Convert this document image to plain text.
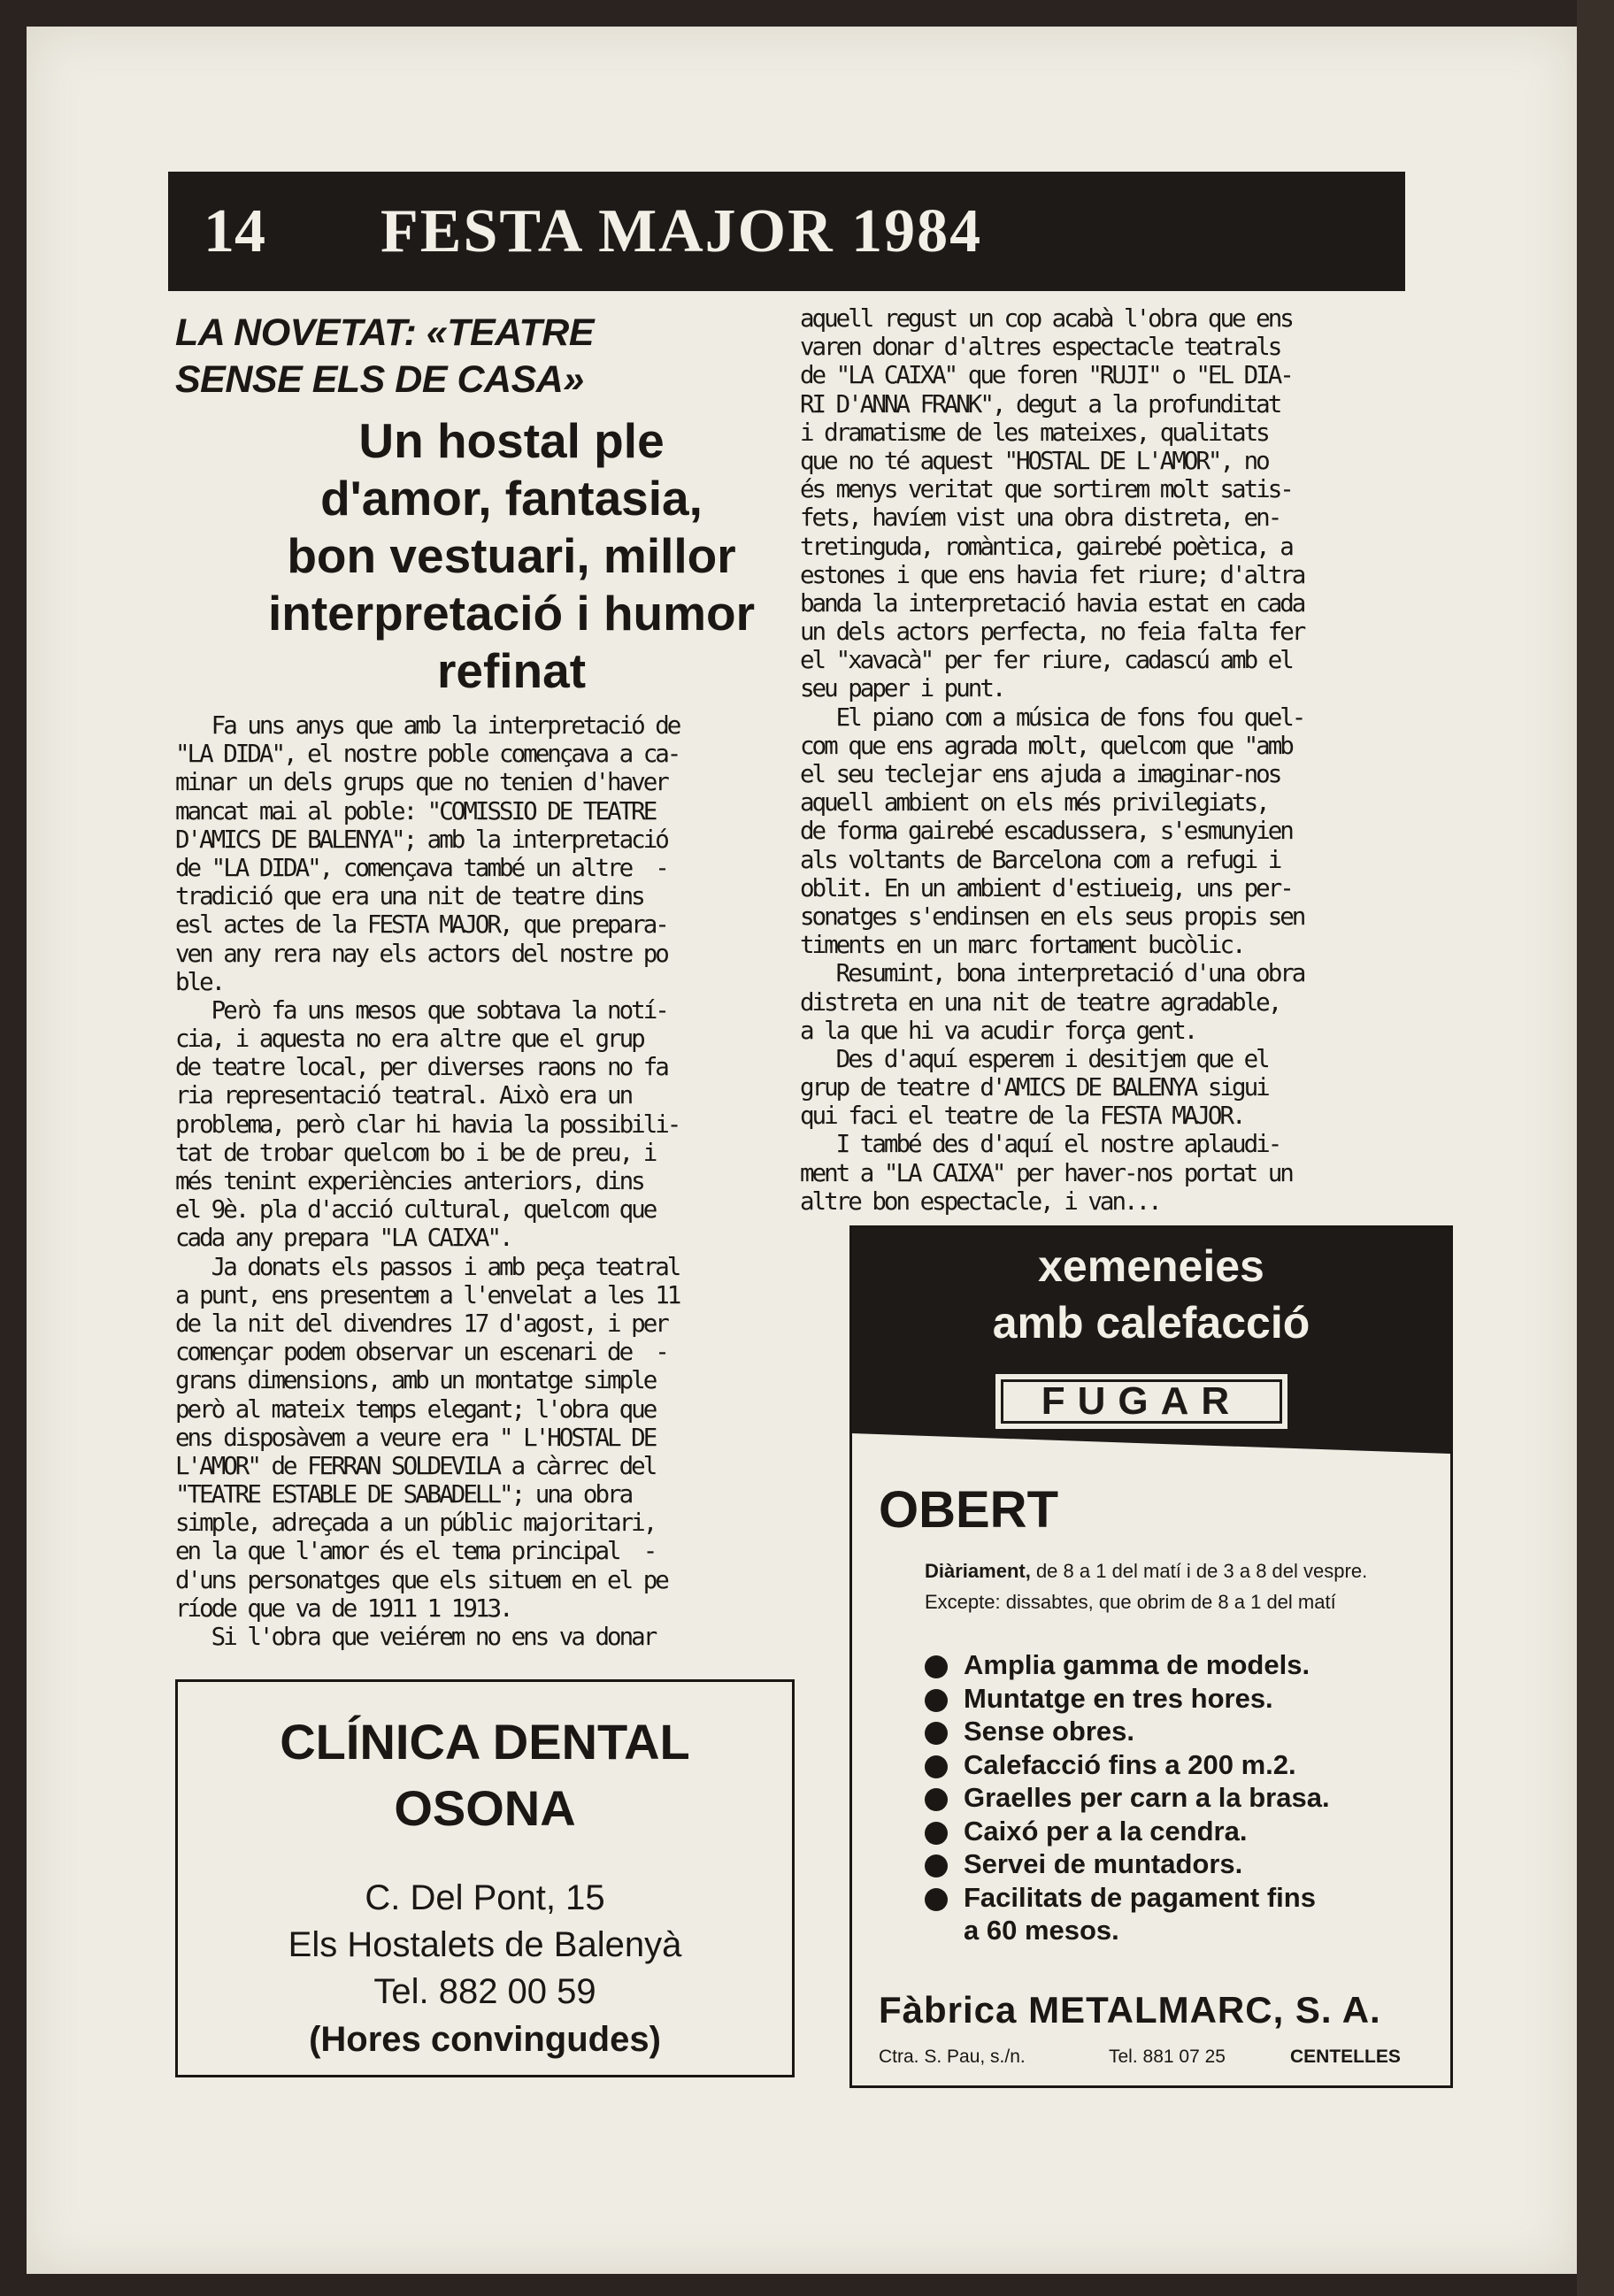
14	FESTA MAJOR 1984
LA NOVETAT: «TEATRE
SENSE ELS DE CASA»
Un hostal ple
d'amor, fantasia,
bon vestuari, millor
interpretació i humor
refinat
Fa uns anys que amb la interpretació de
"LA DIDA", el nostre poble començava a ca-
minar un dels grups que no tenien d'haver
mancat mai al poble: "COMISSIO DE TEATRE
D'AMICS DE BALENYA"; amb la interpretació
de "LA DIDA", començava també un altre  -
tradició que era una nit de teatre dins
esl actes de la FESTA MAJOR, que prepara-
ven any rera nay els actors del nostre po
ble.
Però fa uns mesos que sobtava la notí-
cia, i aquesta no era altre que el grup
de teatre local, per diverses raons no fa
ria representació teatral. Això era un
problema, però clar hi havia la possibili-
tat de trobar quelcom bo i be de preu, i
més tenint experiències anteriors, dins
el 9è. pla d'acció cultural, quelcom que
cada any prepara "LA CAIXA".
Ja donats els passos i amb peça teatral
a punt, ens presentem a l'envelat a les 11
de la nit del divendres 17 d'agost, i per
començar podem observar un escenari de  -
grans dimensions, amb un montatge simple
però al mateix temps elegant; l'obra que
ens disposàvem a veure era " L'HOSTAL DE
L'AMOR" de FERRAN SOLDEVILA a càrrec del
"TEATRE ESTABLE DE SABADELL"; una obra
simple, adreçada a un públic majoritari,
en la que l'amor és el tema principal  -
d'uns personatges que els situem en el pe
ríode que va de 1911 1 1913.
Si l'obra que veiérem no ens va donar
aquell regust un cop acabà l'obra que ens
varen donar d'altres espectacle teatrals
de "LA CAIXA" que foren "RUJI" o "EL DIA-
RI D'ANNA FRANK", degut a la profunditat
i dramatisme de les mateixes, qualitats
que no té aquest "HOSTAL DE L'AMOR", no
és menys veritat que sortirem molt satis-
fets, havíem vist una obra distreta, en-
tretinguda, romàntica, gairebé poètica, a
estones i que ens havia fet riure; d'altra
banda la interpretació havia estat en cada
un dels actors perfecta, no feia falta fer
el "xavacà" per fer riure, cadascú amb el
seu paper i punt.
El piano com a música de fons fou quel-
com que ens agrada molt, quelcom que "amb
el seu teclejar ens ajuda a imaginar-nos
aquell ambient on els més privilegiats,
de forma gairebé escadussera, s'esmunyien
als voltants de Barcelona com a refugi i
oblit. En un ambient d'estiueig, uns per-
sonatges s'endinsen en els seus propis sen
timents en un marc fortament bucòlic.
Resumint, bona interpretació d'una obra
distreta en una nit de teatre agradable,
a la que hi va acudir força gent.
Des d'aquí esperem i desitjem que el
grup de teatre d'AMICS DE BALENYA sigui
qui faci el teatre de la FESTA MAJOR.
I també des d'aquí el nostre aplaudi-
ment a "LA CAIXA" per haver-nos portat un
altre bon espectacle, i van...
CLÍNICA DENTAL
OSONA
C. Del Pont, 15
Els Hostalets de Balenyà
Tel. 882 00 59
(Hores convingudes)
xemeneies
amb calefacció
FUGAR
OBERT
Diàriament, de 8 a 1 del matí i de 3 a 8 del vespre.
Excepte: dissabtes, que obrim de 8 a 1 del matí
Amplia gamma de models.
Muntatge en tres hores.
Sense obres.
Calefacció fins a 200 m.2.
Graelles per carn a la brasa.
Caixó per a la cendra.
Servei de muntadors.
Facilitats de pagament fins
a 60 mesos.
Fàbrica METALMARC, S. A.
Ctra. S. Pau, s./n.	Tel. 881 07 25	CENTELLES
